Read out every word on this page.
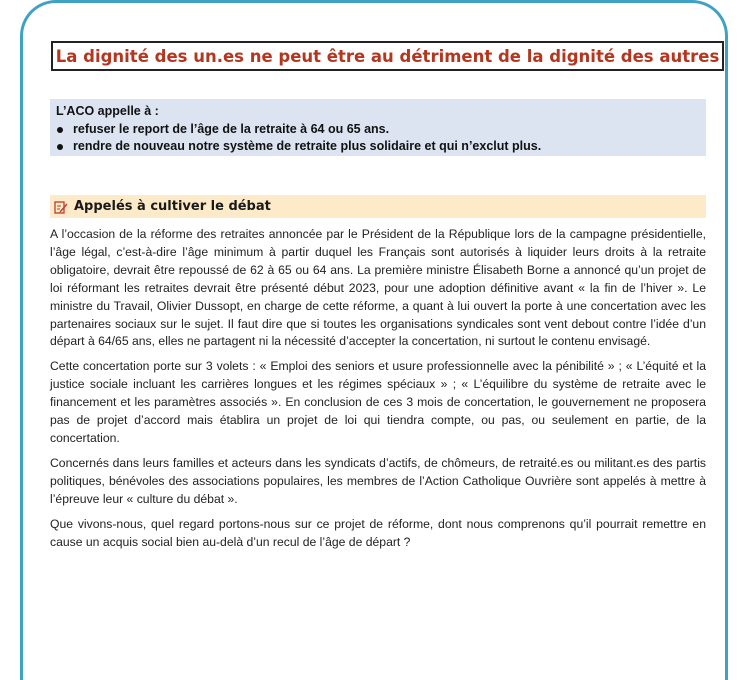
La dignité des un.es ne peut être au détriment de la dignité des autres
L’ACO appelle à :
refuser le report de l’âge de la retraite à 64 ou 65 ans.
rendre de nouveau notre système de retraite plus solidaire et qui n’exclut plus.
Appelés à cultiver le débat

A l’occasion de la réforme des retraites annoncée par le Président de la République lors de la campagne présidentielle, l’âge légal, c’est-à-dire l’âge minimum à partir duquel les Français sont autorisés à liquider leurs droits à la retraite obligatoire, devrait être repoussé de 62 à 65 ou 64 ans. La première ministre Élisabeth Borne a annoncé qu’un projet de loi réformant les retraites devrait être présenté début 2023, pour une adoption définitive avant « la fin de l’hiver ». Le ministre du Travail, Olivier Dussopt, en charge de cette réforme, a quant à lui ouvert la porte à une concertation avec les partenaires sociaux sur le sujet. Il faut dire que si toutes les organisations syndicales sont vent debout contre l’idée d’un départ à 64/65 ans, elles ne partagent ni la nécessité d’accepter la concertation, ni surtout le contenu envisagé.

Cette concertation porte sur 3 volets : « Emploi des seniors et usure professionnelle avec la pénibilité » ; « L’équité et la justice sociale incluant les carrières longues et les régimes spéciaux » ; « L’équilibre du système de retraite avec le financement et les paramètres associés ». En conclusion de ces 3 mois de concertation, le gouvernement ne proposera pas de projet d’accord mais établira un projet de loi qui tiendra compte, ou pas, ou seulement en partie, de la concertation.

Concernés dans leurs familles et acteurs dans les syndicats d’actifs, de chômeurs, de retraité.es ou militant.es des partis politiques, bénévoles des associations populaires, les membres de l’Action Catholique Ouvrière sont appelés à mettre à l’épreuve leur « culture du débat ».

Que vivons-nous, quel regard portons-nous sur ce projet de réforme, dont nous comprenons qu’il pourrait remettre en cause un acquis social bien au-delà d’un recul de l’âge de départ ?
